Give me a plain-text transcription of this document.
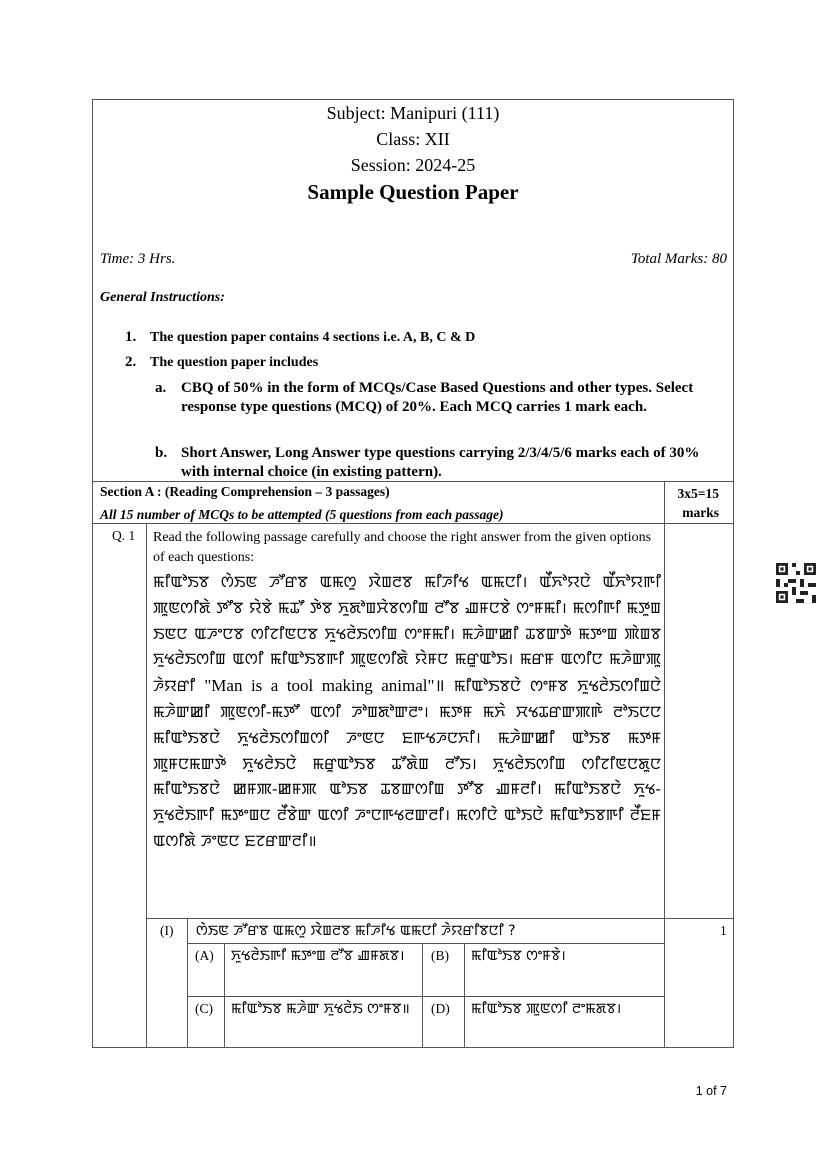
Subject: Manipuri (111)
Class: XII
Session: 2024-25
Sample Question Paper
Time: 3 Hrs.	Total Marks: 80
General Instructions:
1. The question paper contains 4 sections i.e. A, B, C & D
2. The question paper includes
a. CBQ of 50% in the form of MCQs/Case Based Questions and other types. Select response type questions (MCQ) of 20%. Each MCQ carries 1 mark each.
b. Short Answer, Long Answer type questions carrying 2/3/4/5/6 marks each of 30% with internal choice (in existing pattern).
Section A : (Reading Comprehension – 3 passages)
All 15 number of MCQs to be attempted (5 questions from each passage)
3x5=15
marks
Q. 1 Read the following passage carefully and choose the right answer from the given options of each questions:
ꯃꯤꯑꯣꯏꯕ ꯁꯥꯏꯟ ꯍꯧꯔꯕ ꯑꯃꯁꯨ ꯋꯥꯡꯂꯕ ꯃꯤꯍꯤꯠ ꯑꯃꯅꯤ। ꯑꯩꯈꯣꯌꯅꯥ ꯑꯩꯈꯣꯌꯒꯤ ꯄꯨꯟꯁꯤꯗꯥ ꯇꯧꯕ ꯌꯥꯕꯥ ꯃꯊꯧ ꯇꯥꯕ ꯈꯨꯗꯣꯡꯆꯥꯕꯁꯤꯡ ꯂꯧꯕ ꯉꯝꯅꯕꯥ ꯁꯦꯝꯃꯤ। ꯃꯁꯤꯒꯤ ꯃꯇꯨꯡ ꯏꯟꯅ ꯑꯍꯦꯅꯕ ꯁꯤꯖꯤꯟꯅꯕ ꯈꯨꯠꯂꯥꯏꯁꯤꯡ ꯁꯦꯝꯃꯤ। ꯃꯍꯥꯛꯀꯤ ꯊꯕꯛꯇꯥ ꯃꯇꯦꯡ ꯄꯥꯡꯕ ꯈꯨꯠꯂꯥꯏꯁꯤꯡ ꯑꯁꯤ ꯃꯤꯑꯣꯏꯕꯒꯤ ꯄꯨꯟꯁꯤꯗꯥ ꯌꯥꯝꯅ ꯃꯔꯨꯑꯣꯏ। ꯃꯔꯝ ꯑꯁꯤꯅ ꯃꯍꯥꯛꯄꯨ ꯍꯥꯌꯔꯤ "Man is a tool making animal"॥ ꯃꯤꯑꯣꯏꯕꯅꯥ ꯁꯦꯝꯕ ꯈꯨꯠꯂꯥꯏꯁꯤꯡꯅꯥ ꯃꯍꯥꯛꯀꯤ ꯄꯨꯟꯁꯤ-ꯃꯇꯧ ꯑꯁꯤ ꯍꯣꯡꯗꯣꯛꯂꯦ। ꯃꯇꯝ ꯃꯈꯥ ꯆꯠꯊꯔꯛꯄꯒꯥ ꯂꯣꯏꯅꯅ ꯃꯤꯑꯣꯏꯕꯅꯥ ꯈꯨꯠꯂꯥꯏꯁꯤꯡꯁꯤ ꯍꯦꯟꯅ ꯐꯒꯠꯍꯅꯈꯤ। ꯃꯍꯥꯛꯀꯤ ꯑꯣꯏꯕ ꯃꯇꯝ ꯄꯨꯝꯅꯃꯛꯇꯥ ꯈꯨꯠꯂꯥꯏꯅꯥ ꯃꯔꯨꯑꯣꯏꯕ ꯊꯧꯗꯥꯡ ꯂꯧꯏ। ꯈꯨꯠꯂꯥꯏꯁꯤꯡ ꯁꯤꯖꯤꯟꯅꯗꯨꯅ ꯃꯤꯑꯣꯏꯕꯅꯥ ꯀꯝꯄ-ꯀꯝꯄ ꯑꯣꯏꯕ ꯊꯕꯛꯁꯤꯡ ꯇꯧꯕ ꯉꯝꯂꯤ। ꯃꯤꯑꯣꯏꯕꯅꯥ ꯈꯨꯠ-ꯈꯨꯠꯂꯥꯏꯒꯤ ꯃꯇꯦꯡꯅ ꯂꯩꯕꯥꯛ ꯑꯁꯤ ꯍꯦꯅꯒꯠꯂꯛꯂꯤ। ꯃꯁꯤꯅꯥ ꯑꯣꯏꯅꯥ ꯃꯤꯑꯣꯏꯕꯒꯤ ꯂꯩꯐꯝ ꯑꯁꯤꯗꯥ ꯍꯦꯟꯅ ꯐꯖꯔꯛꯂꯤ॥
(I) ꯁꯥꯏꯟ ꯍꯧꯔꯕ ꯑꯃꯁꯨ ꯋꯥꯡꯂꯕ ꯃꯤꯍꯤꯠ ꯑꯃꯅꯤ ꯍꯥꯌꯔꯤꯕꯅꯤ ?	1
(A) ꯈꯨꯠꯂꯥꯏꯒꯤ ꯃꯇꯦꯡ ꯂꯧꯕ ꯉꯝꯗꯕ।	(B) ꯃꯤꯑꯣꯏꯕ ꯁꯦꯝꯕꯥ।
(C) ꯃꯤꯑꯣꯏꯕ ꯃꯍꯥꯛ ꯈꯨꯠꯂꯥꯏ ꯁꯦꯝꯕ॥	(D) ꯃꯤꯑꯣꯏꯕ ꯄꯨꯟꯁꯤ ꯂꯦꯃꯗꯕ।
1 of 7
